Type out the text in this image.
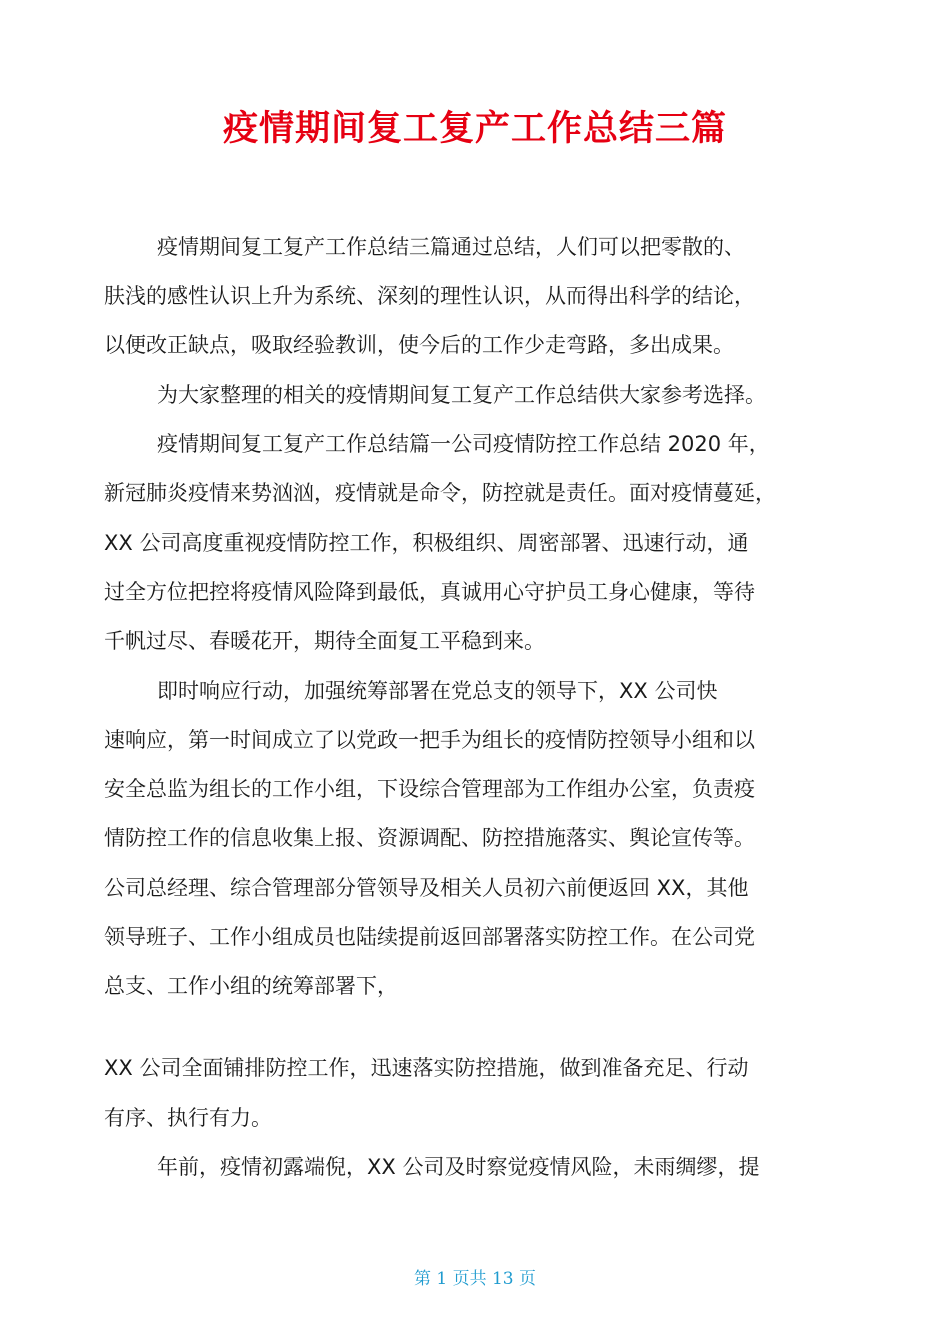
疫情期间复工复产工作总结三篇

疫情期间复工复产工作总结三篇通过总结，人们可以把零散的、

肤浅的感性认识上升为系统、深刻的理性认识，从而得出科学的结论，

以便改正缺点，吸取经验教训，使今后的工作少走弯路，多出成果。

为大家整理的相关的疫情期间复工复产工作总结供大家参考选择。

疫情期间复工复产工作总结篇一公司疫情防控工作总结 2020 年，

新冠肺炎疫情来势汹汹，疫情就是命令，防控就是责任。面对疫情蔓延，

XX 公司高度重视疫情防控工作，积极组织、周密部署、迅速行动，通

过全方位把控将疫情风险降到最低，真诚用心守护员工身心健康，等待

千帆过尽、春暖花开，期待全面复工平稳到来。

即时响应行动，加强统筹部署在党总支的领导下，XX 公司快

速响应，第一时间成立了以党政一把手为组长的疫情防控领导小组和以

安全总监为组长的工作小组，下设综合管理部为工作组办公室，负责疫

情防控工作的信息收集上报、资源调配、防控措施落实、舆论宣传等。

公司总经理、综合管理部分管领导及相关人员初六前便返回 XX，其他

领导班子、工作小组成员也陆续提前返回部署落实防控工作。在公司党

总支、工作小组的统筹部署下，

XX 公司全面铺排防控工作，迅速落实防控措施，做到准备充足、行动

有序、执行有力。

年前，疫情初露端倪，XX 公司及时察觉疫情风险，未雨绸缪，提

第 1 页共 13 页
